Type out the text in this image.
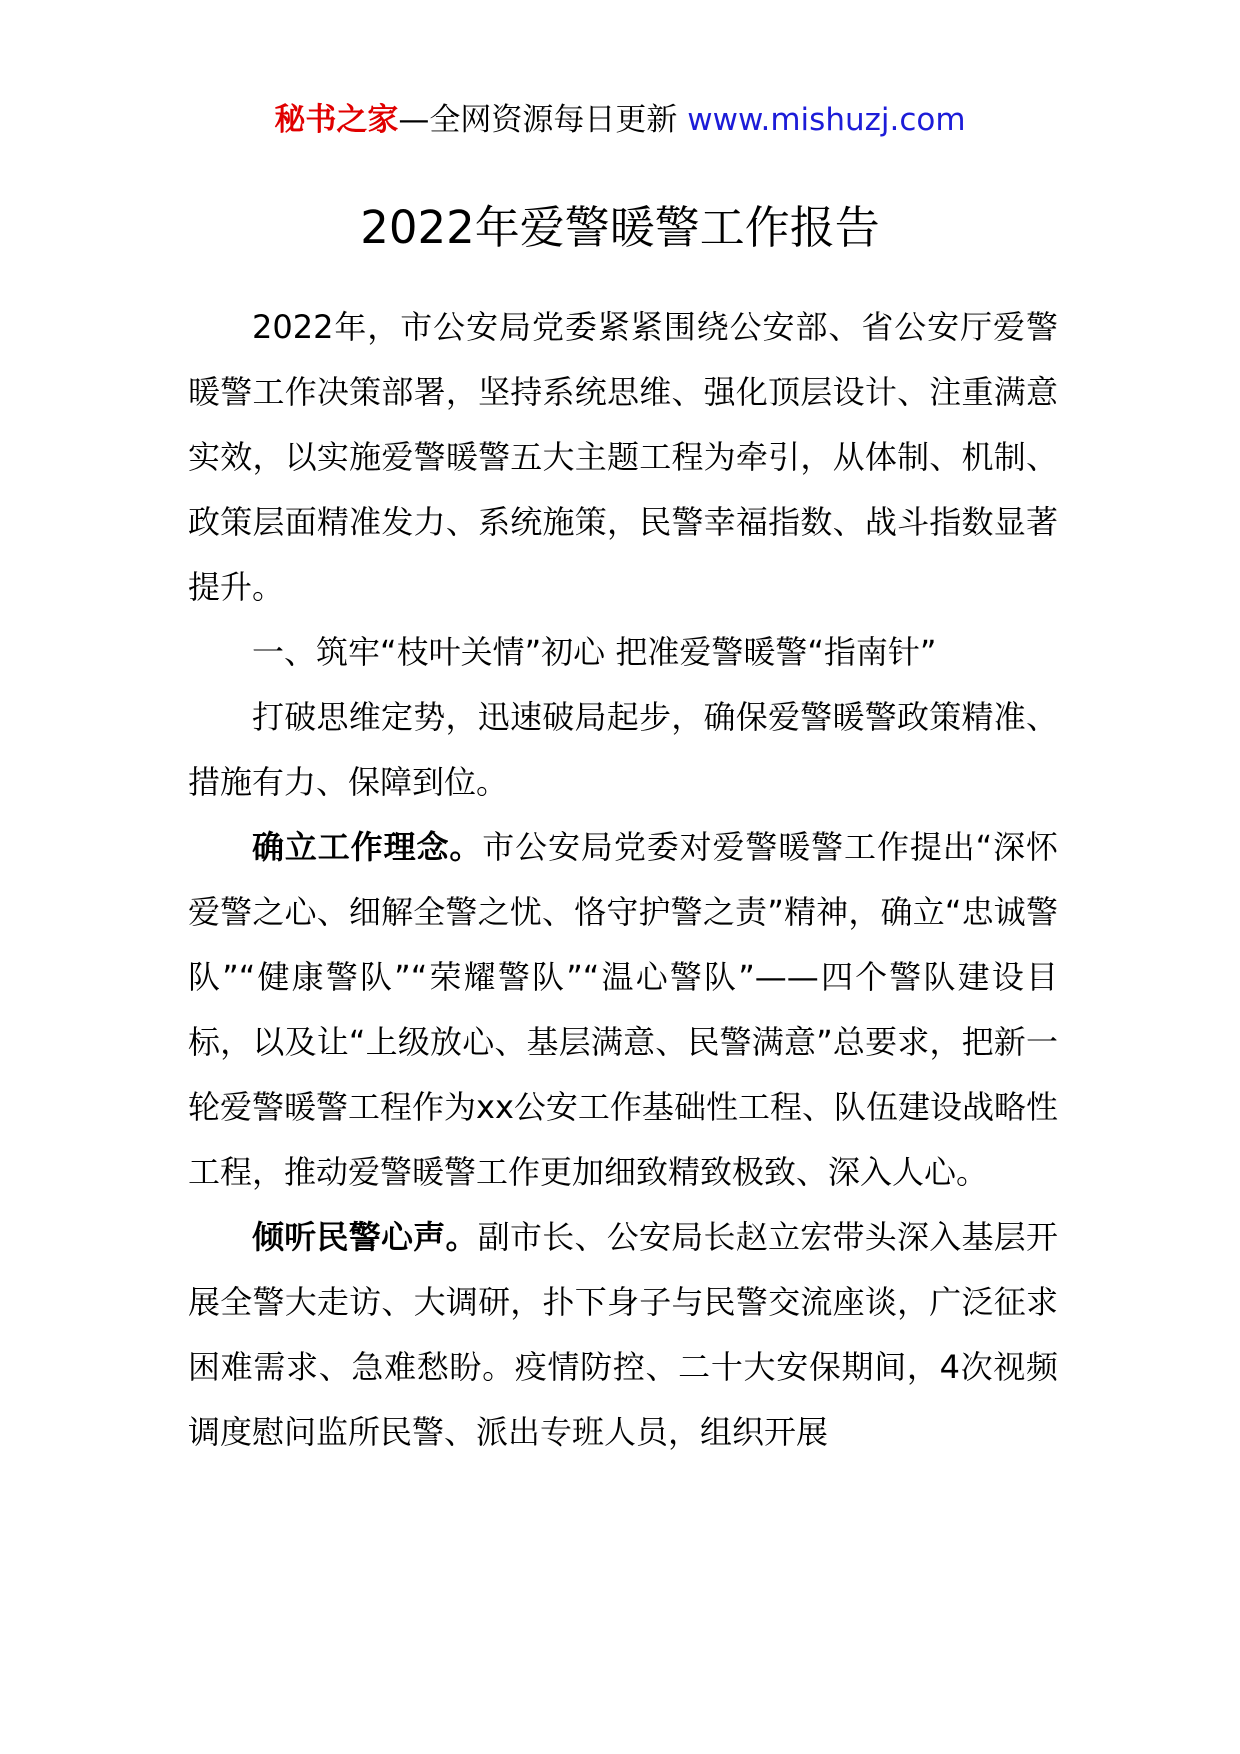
秘书之家—全网资源每日更新 www.mishuzj.com
2022年爱警暖警工作报告

2022年，市公安局党委紧紧围绕公安部、省公安厅爱警暖警工作决策部署，坚持系统思维、强化顶层设计、注重满意实效，以实施爱警暖警五大主题工程为牵引，从体制、机制、政策层面精准发力、系统施策，民警幸福指数、战斗指数显著提升。

一、筑牢“枝叶关情”初心 把准爱警暖警“指南针”

打破思维定势，迅速破局起步，确保爱警暖警政策精准、措施有力、保障到位。

确立工作理念。市公安局党委对爱警暖警工作提出“深怀爱警之心、细解全警之忧、恪守护警之责”精神，确立“忠诚警队”“健康警队”“荣耀警队”“温心警队”——四个警队建设目标，以及让“上级放心、基层满意、民警满意”总要求，把新一轮爱警暖警工程作为xx公安工作基础性工程、队伍建设战略性工程，推动爱警暖警工作更加细致精致极致、深入人心。

倾听民警心声。副市长、公安局长赵立宏带头深入基层开展全警大走访、大调研，扑下身子与民警交流座谈，广泛征求困难需求、急难愁盼。疫情防控、二十大安保期间，4次视频调度慰问监所民警、派出专班人员，组织开展
